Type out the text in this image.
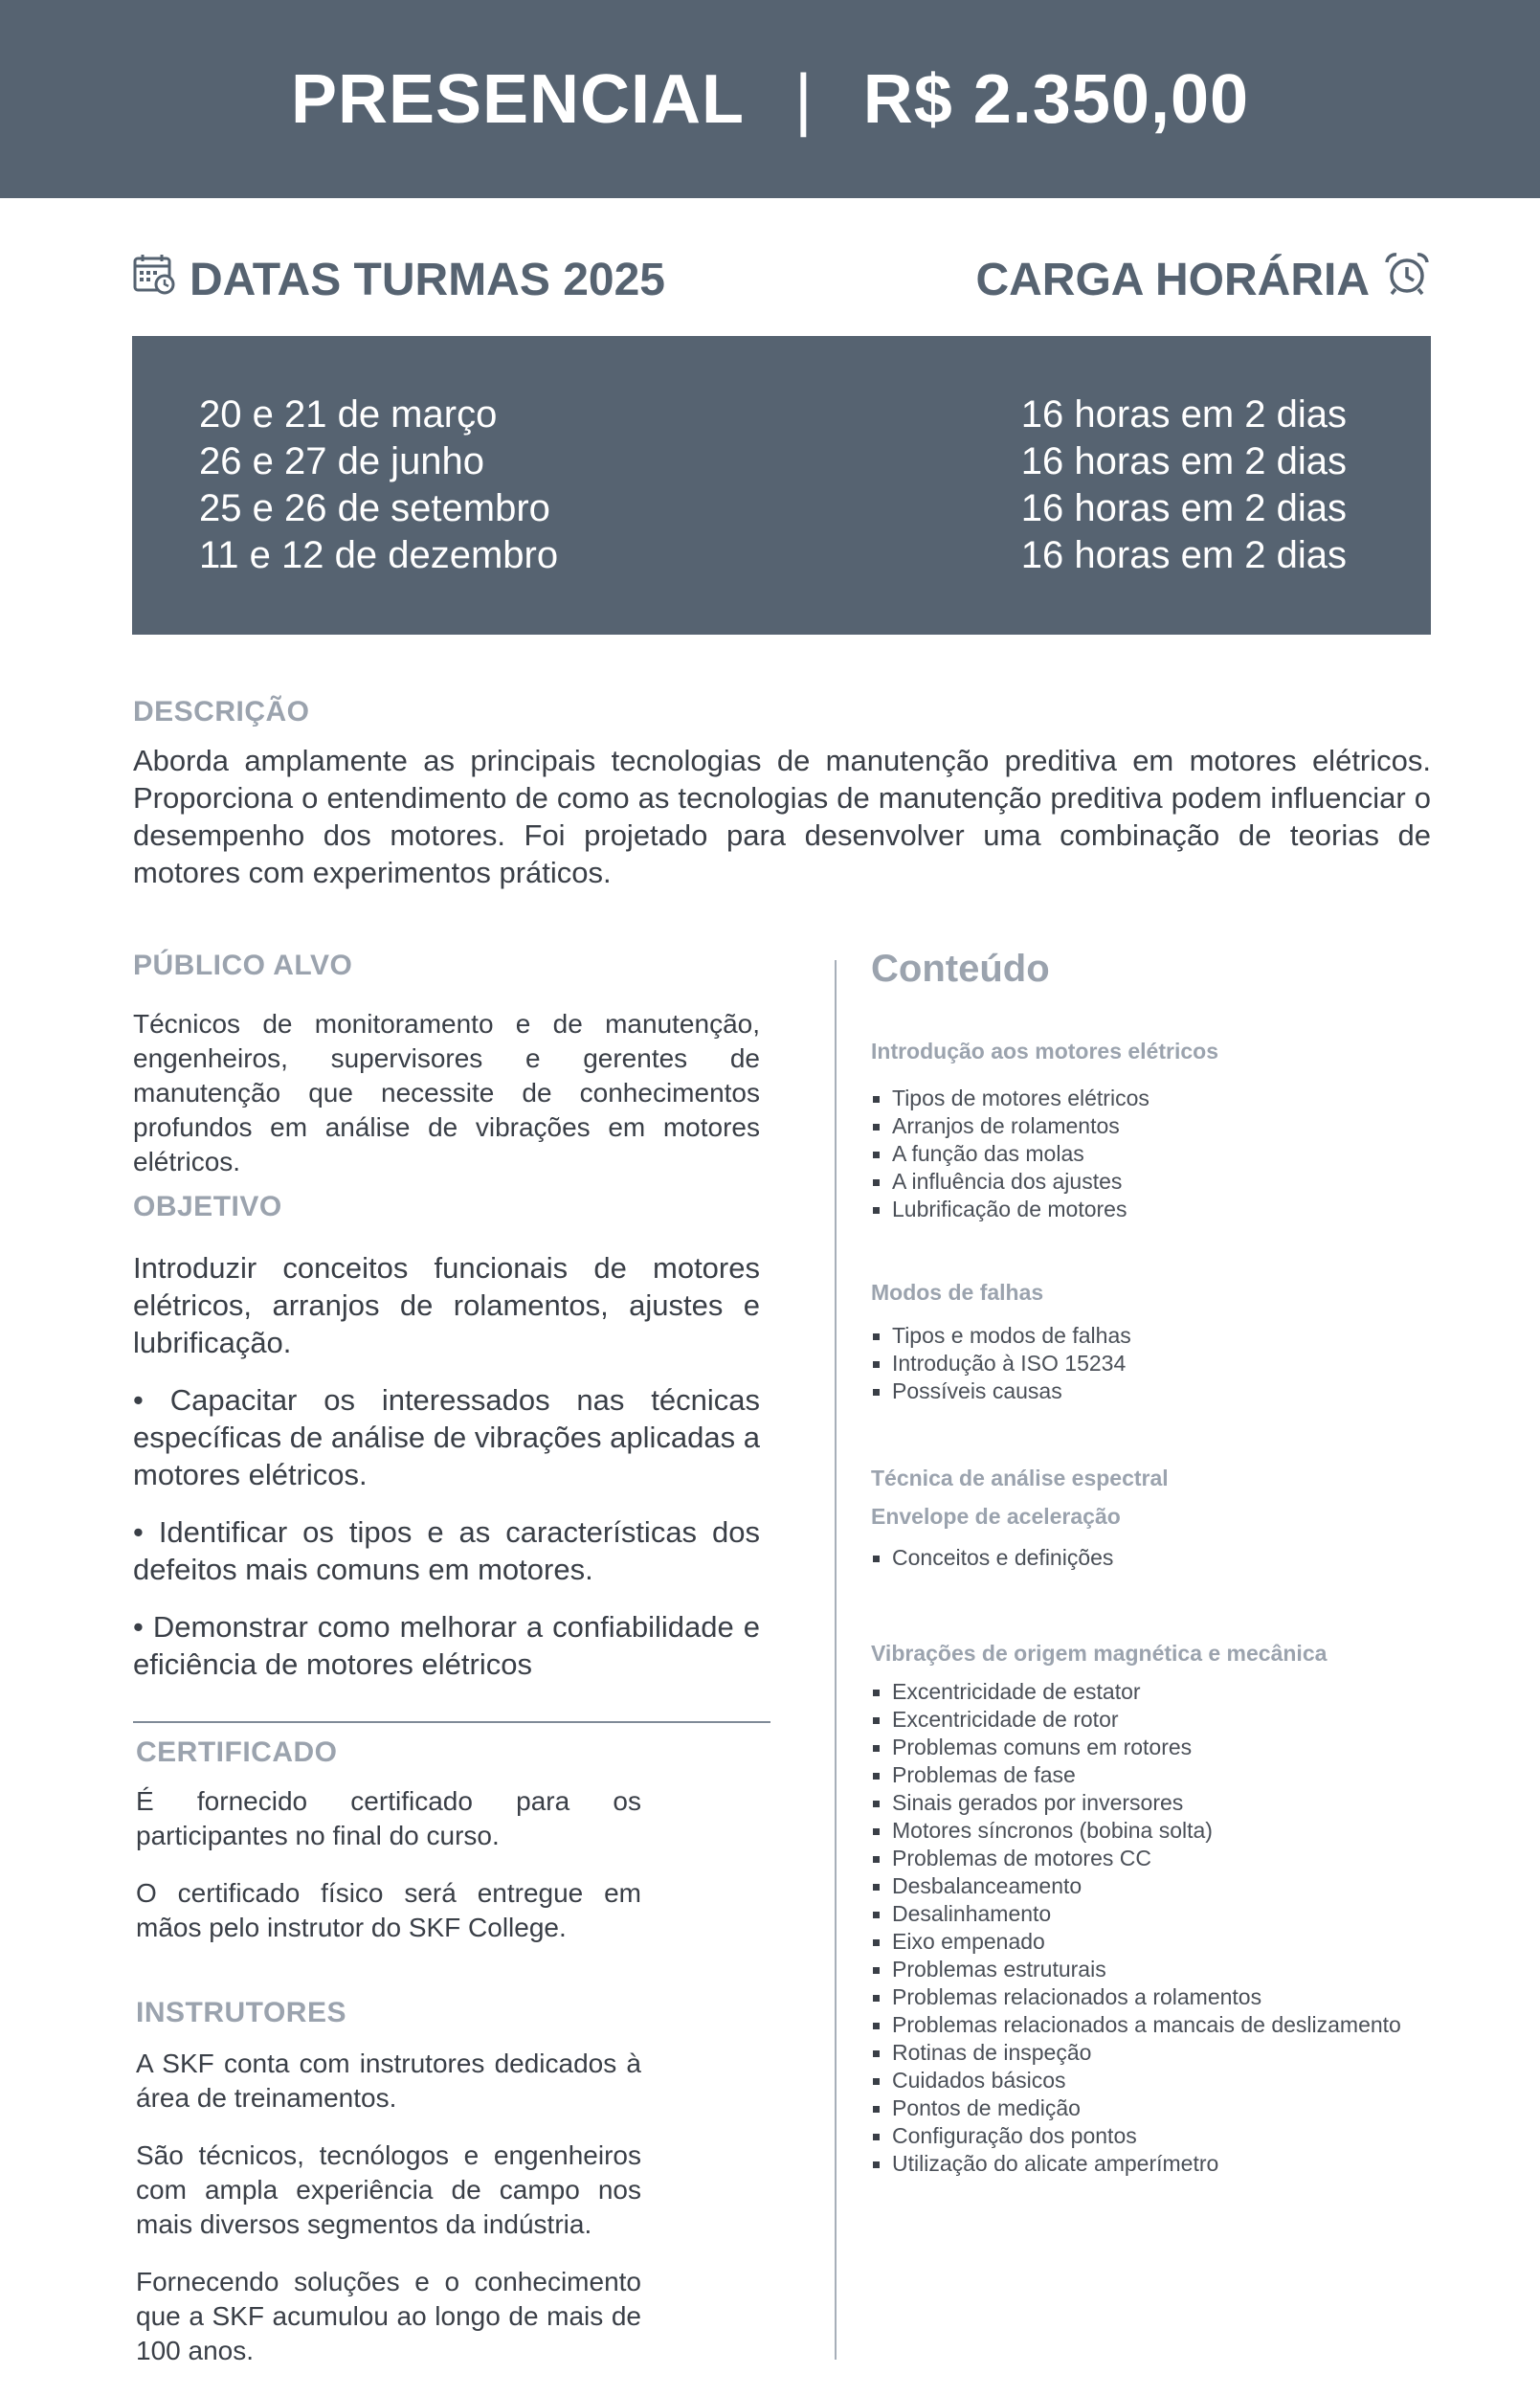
PRESENCIAL | R$ 2.350,00
DATAS TURMAS 2025	CARGA HORÁRIA
20 e 21 de março
26 e 27 de junho
25 e 26 de setembro
11 e 12 de dezembro
16 horas em 2 dias
16 horas em 2 dias
16 horas em 2 dias
16 horas em 2 dias
DESCRIÇÃO

Aborda amplamente as principais tecnologias de manutenção preditiva em motores elétricos. Proporciona o entendimento de como as tecnologias de manutenção preditiva podem influenciar o desempenho dos motores. Foi projetado para desenvolver uma combinação de teorias de motores com experimentos práticos.

PÚBLICO ALVO

Técnicos de monitoramento e de manutenção, engenheiros, supervisores e gerentes de manutenção que necessite de conhecimentos profundos em análise de vibrações em motores elétricos.

OBJETIVO

Introduzir conceitos funcionais de motores elétricos, arranjos de rolamentos, ajustes e lubrificação.

• Capacitar os interessados nas técnicas específicas de análise de vibrações aplicadas a motores elétricos.

• Identificar os tipos e as características dos defeitos mais comuns em motores.

• Demonstrar como melhorar a confiabilidade e eficiência de motores elétricos

CERTIFICADO

É fornecido certificado para os participantes no final do curso.

O certificado físico será entregue em mãos pelo instrutor do SKF College.

INSTRUTORES

A SKF conta com instrutores dedicados à área de treinamentos.

São técnicos, tecnólogos e engenheiros com ampla experiência de campo nos mais diversos segmentos da indústria.

Fornecendo soluções e o conhecimento que a SKF acumulou ao longo de mais de 100 anos.

Conteúdo
Introdução aos motores elétricos
Tipos de motores elétricos
Arranjos de rolamentos
A função das molas
A influência dos ajustes
Lubrificação de motores
Modos de falhas
Tipos e modos de falhas
Introdução à ISO 15234
Possíveis causas
Técnica de análise espectral
Envelope de aceleração
Conceitos e definições
Vibrações de origem magnética e mecânica
Excentricidade de estator
Excentricidade de rotor
Problemas comuns em rotores
Problemas de fase
Sinais gerados por inversores
Motores síncronos (bobina solta)
Problemas de motores CC
Desbalanceamento
Desalinhamento
Eixo empenado
Problemas estruturais
Problemas relacionados a rolamentos
Problemas relacionados a mancais de deslizamento
Rotinas de inspeção
Cuidados básicos
Pontos de medição
Configuração dos pontos
Utilização do alicate amperímetro
